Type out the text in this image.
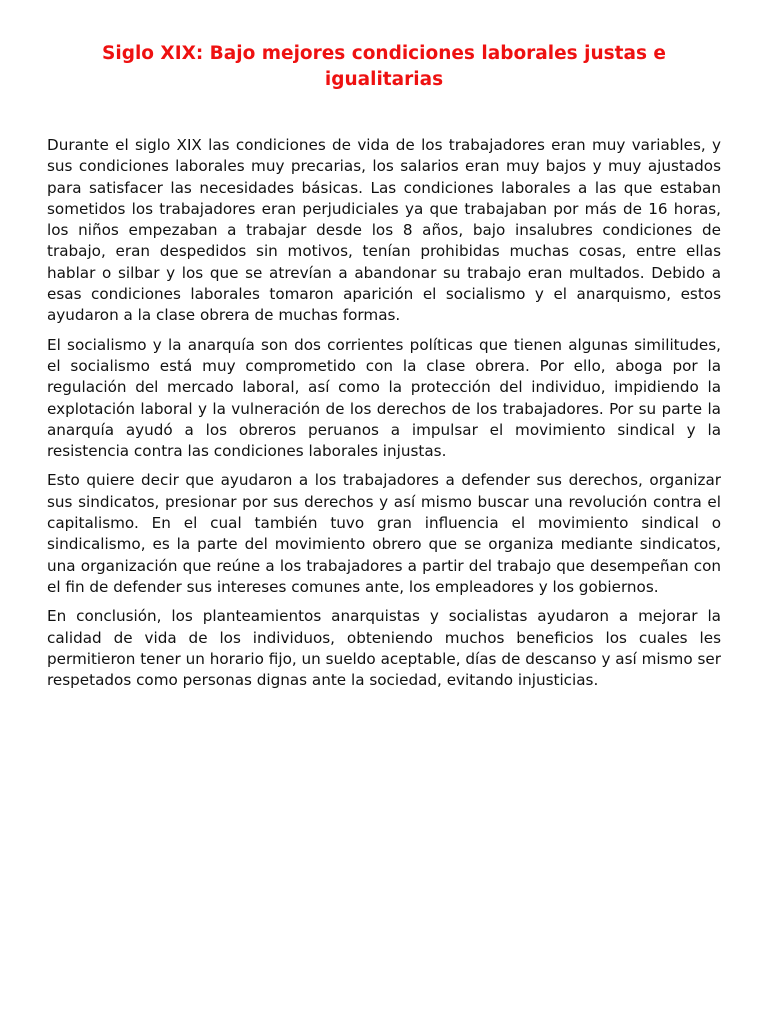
Siglo XIX: Bajo mejores condiciones laborales justas e igualitarias

Durante el siglo XIX las condiciones de vida de los trabajadores eran muy variables, y sus condiciones laborales muy precarias, los salarios eran muy bajos y muy ajustados para satisfacer las necesidades básicas. Las condiciones laborales a las que estaban sometidos los trabajadores eran perjudiciales ya que trabajaban por más de 16 horas, los niños empezaban a trabajar desde los 8 años, bajo insalubres condiciones de trabajo, eran despedidos sin motivos, tenían prohibidas muchas cosas, entre ellas hablar o silbar y los que se atrevían a abandonar su trabajo eran multados. Debido a esas condiciones laborales tomaron aparición el socialismo y el anarquismo, estos ayudaron a la clase obrera de muchas formas.

El socialismo y la anarquía son dos corrientes políticas que tienen algunas similitudes, el socialismo está muy comprometido con la clase obrera. Por ello, aboga por la regulación del mercado laboral, así como la protección del individuo, impidiendo la explotación laboral y la vulneración de los derechos de los trabajadores. Por su parte la anarquía ayudó a los obreros peruanos a impulsar el movimiento sindical y la resistencia contra las condiciones laborales injustas.

Esto quiere decir que ayudaron a los trabajadores a defender sus derechos, organizar sus sindicatos, presionar por sus derechos y así mismo buscar una revolución contra el capitalismo. En el cual también tuvo gran influencia el movimiento sindical o sindicalismo, es la parte del movimiento obrero que se organiza mediante sindicatos, una organización que reúne a los trabajadores a partir del trabajo que desempeñan con el fin de defender sus intereses comunes ante, los empleadores y los gobiernos.

En conclusión, los planteamientos anarquistas y socialistas ayudaron a mejorar la calidad de vida de los individuos, obteniendo muchos beneficios los cuales les permitieron tener un horario fijo, un sueldo aceptable, días de descanso y así mismo ser respetados como personas dignas ante la sociedad, evitando injusticias.
